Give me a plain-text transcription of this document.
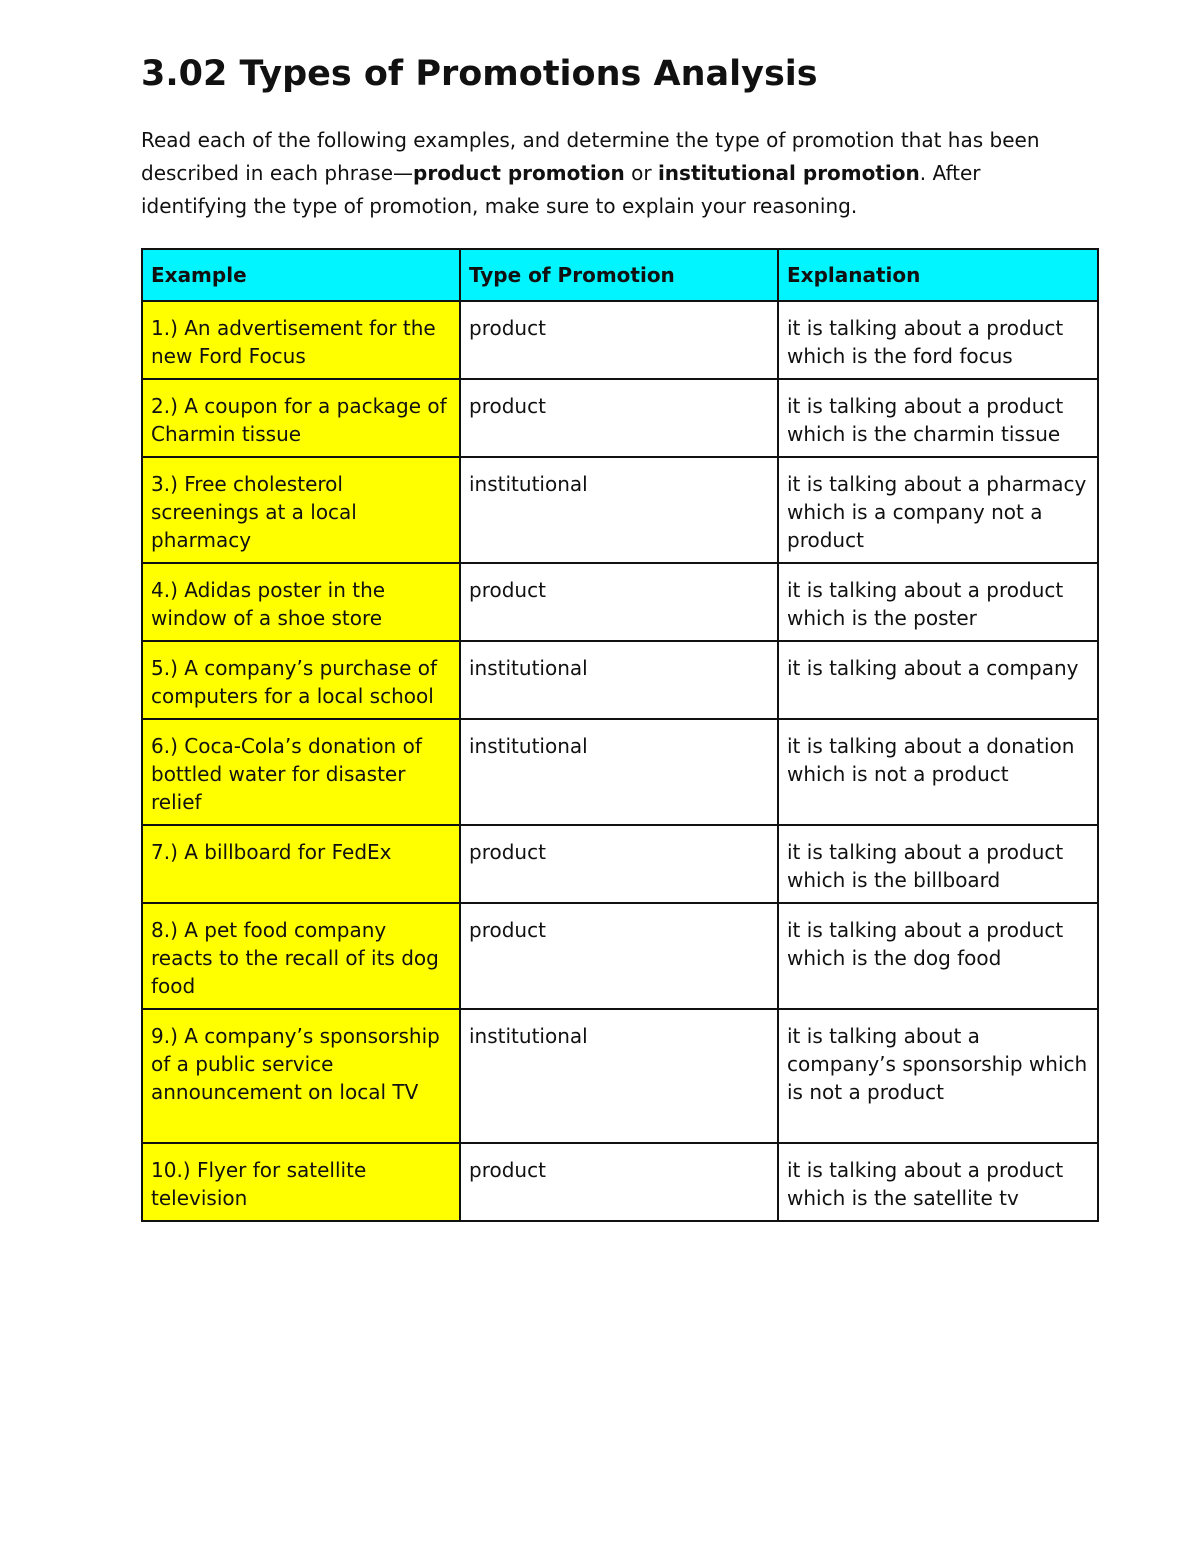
3.02 Types of Promotions Analysis

Read each of the following examples, and determine the type of promotion that has been described in each phrase—product promotion or institutional promotion. After identifying the type of promotion, make sure to explain your reasoning.

Example	Type of Promotion	Explanation
1.) An advertisement for the new Ford Focus	product	it is talking about a product which is the ford focus
2.) A coupon for a package of Charmin tissue	product	it is talking about a product which is the charmin tissue
3.) Free cholesterol screenings at a local pharmacy	institutional	it is talking about a pharmacy which is a company not a product
4.) Adidas poster in the window of a shoe store	product	it is talking about a product which is the poster
5.) A company’s purchase of computers for a local school	institutional	it is talking about a company
6.) Coca-Cola’s donation of bottled water for disaster relief	institutional	it is talking about a donation which is not a product
7.) A billboard for FedEx	product	it is talking about a product which is the billboard
8.) A pet food company reacts to the recall of its dog food	product	it is talking about a product which is the dog food
9.) A company’s sponsorship of a public service announcement on local TV	institutional	it is talking about a company’s sponsorship which is not a product
10.) Flyer for satellite television	product	it is talking about a product which is the satellite tv
